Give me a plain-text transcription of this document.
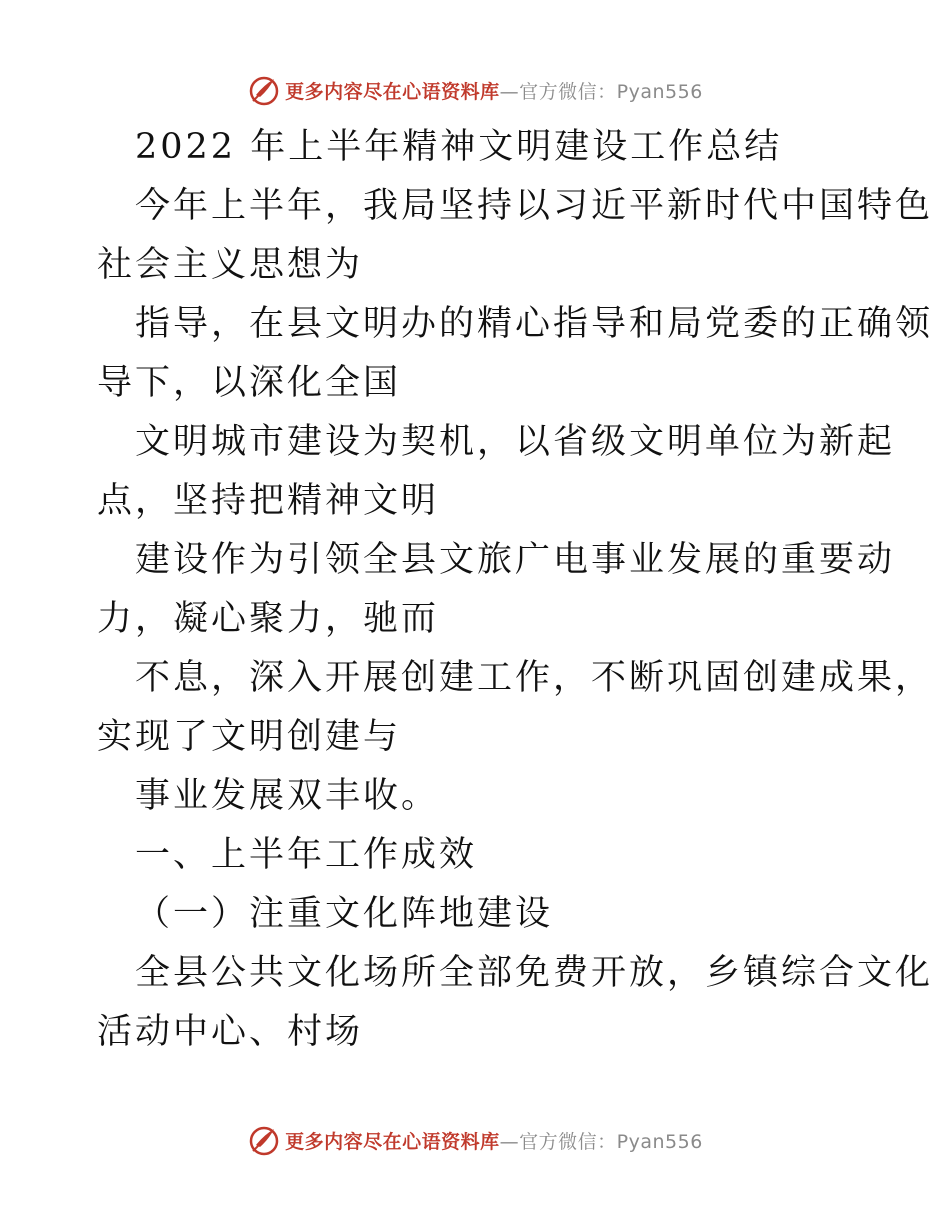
更多内容尽在心语资料库 —官方微信：Pyan556
2022 年上半年精神文明建设工作总结
今年上半年，我局坚持以习近平新时代中国特色
社会主义思想为
指导，在县文明办的精心指导和局党委的正确领
导下，以深化全国
文明城市建设为契机，以省级文明单位为新起
点，坚持把精神文明
建设作为引领全县文旅广电事业发展的重要动
力，凝心聚力，驰而
不息，深入开展创建工作，不断巩固创建成果，
实现了文明创建与
事业发展双丰收。
一、上半年工作成效
（一）注重文化阵地建设
全县公共文化场所全部免费开放，乡镇综合文化
活动中心、村场
更多内容尽在心语资料库 —官方微信：Pyan556
